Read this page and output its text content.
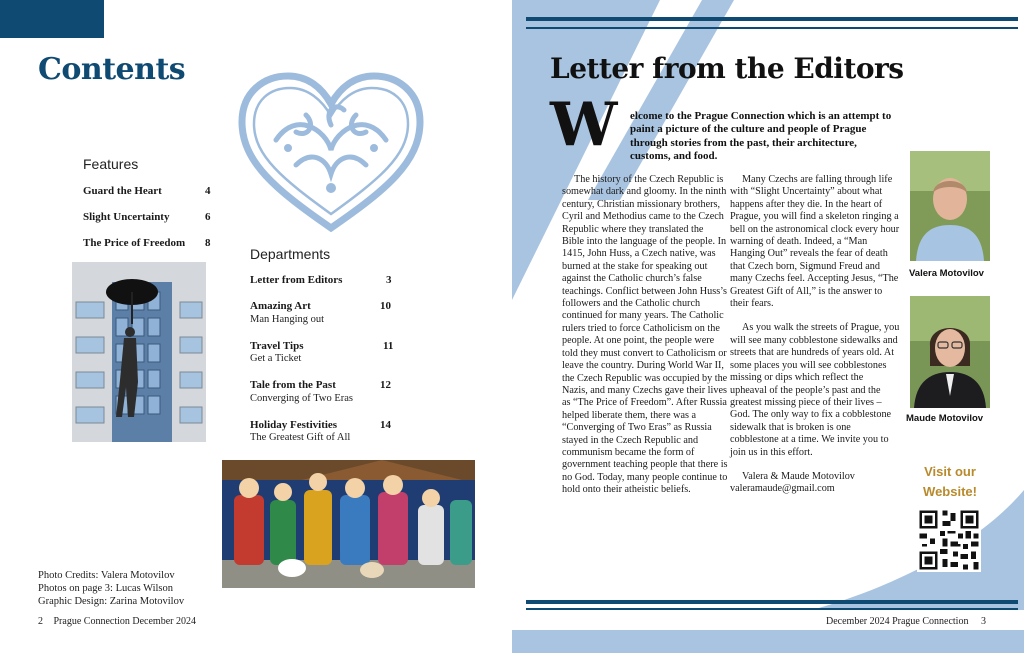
Contents
Features
Guard the Heart	4
Slight Uncertainty	6
The Price of Freedom 8
Departments
Letter from Editors	3
Amazing Art	10
Man Hanging out
Travel Tips	11
Get a Ticket
Tale from the Past	12
Converging of Two Eras
Holiday Festivities	14
The Greatest Gift of All
Photo Credits: Valera Motovilov
Photos on page 3: Lucas Wilson
Graphic Design: Zarina Motovilov
2 Prague Connection December 2024
Letter from the Editors
W elcome to the Prague Connection which is an attempt to paint a picture of the culture and people of Prague through stories from the past, their architecture, customs, and food.

The history of the Czech Republic is somewhat dark and gloomy. In the ninth century, Christian missionary brothers, Cyril and Methodius came to the Czech Republic where they translated the Bible into the language of the people. In 1415, John Huss, a Czech native, was burned at the stake for speaking out against the Catholic church’s false teachings. Conflict between John Huss’s followers and the Catholic church continued for many years. The Catholic rulers tried to force Catholicism on the people. At one point, the people were told they must convert to Catholicism or leave the country. During World War II, the Czech Republic was occupied by the Nazis, and many Czechs gave their lives as “The Price of Freedom”. After Russia helped liberate them, there was a “Converging of Two Eras” as Russia stayed in the Czech Republic and communism became the form of government teaching people that there is no God. Today, many people continue to hold onto their atheistic beliefs.

Many Czechs are falling through life with “Slight Uncertainty” about what happens after they die. In the heart of Prague, you will find a skeleton ringing a bell on the astronomical clock every hour warning of death. Indeed, a “Man Hanging Out” reveals the fear of death that Czech born, Sigmund Freud and many Czechs feel. Accepting Jesus, “The Greatest Gift of All,” is the answer to their fears.

As you walk the streets of Prague, you will see many cobblestone sidewalks and streets that are hundreds of years old. At some places you will see cobblestones missing or dips which reflect the upheaval of the people’s past and the greatest missing piece of their lives – God. The only way to fix a cobblestone sidewalk that is broken is one cobblestone at a time. We invite you to join us in this effort.

Valera & Maude Motovilov
valeramaude@gmail.com
Valera Motovilov
Maude Motovilov
Visit our
Website!
December 2024 Prague Connection 3
